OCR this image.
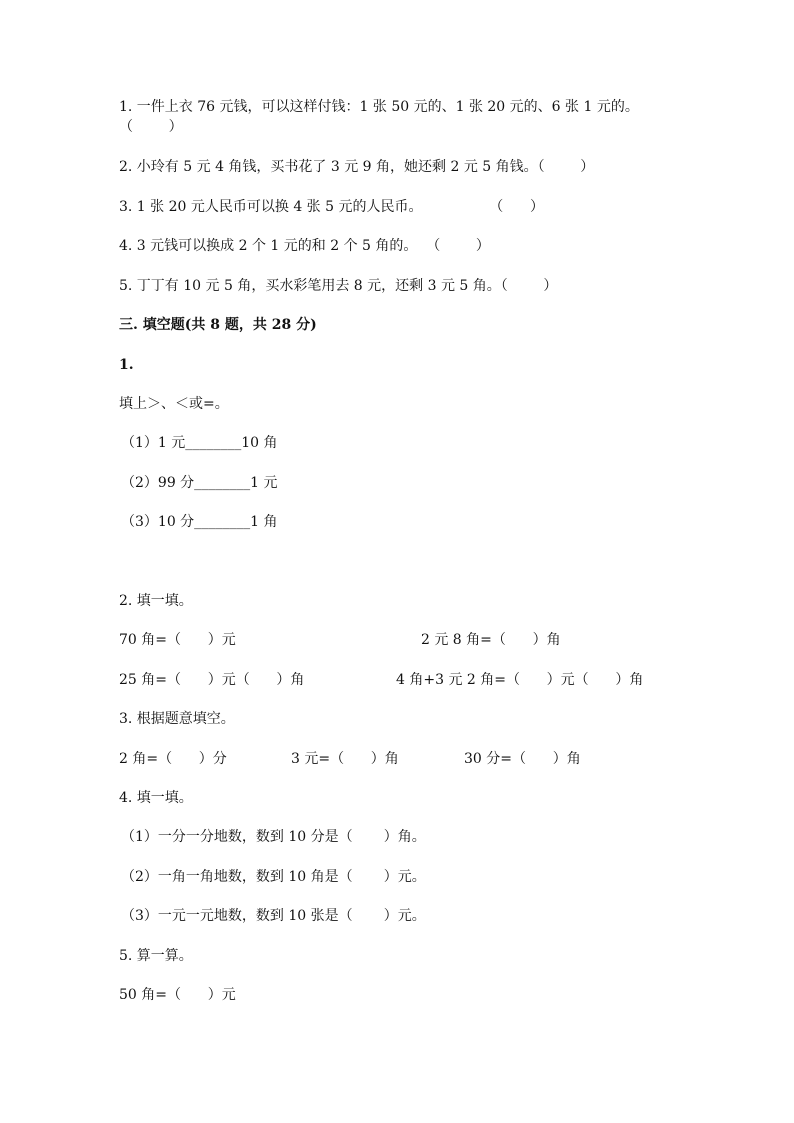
1. 一件上衣 76 元钱，可以这样付钱：1 张 50 元的、1 张 20 元的、6 张 1 元的。
（        ）
2. 小玲有 5 元 4 角钱，买书花了 3 元 9 角，她还剩 2 元 5 角钱。（        ）
3. 1 张 20 元人民币可以换 4 张 5 元的人民币。               （      ）
4. 3 元钱可以换成 2 个 1 元的和 2 个 5 角的。  （        ）
5. 丁丁有 10 元 5 角，买水彩笔用去 8 元，还剩 3 元 5 角。（        ）
三. 填空题(共 8 题，共 28 分)
1.
填上＞、＜或=。
（1）1 元________10 角
（2）99 分________1 元
（3）10 分________1 角
2. 填一填。
70 角=（      ）元	2 元 8 角=（      ）角
25 角=（      ）元（      ）角	4 角+3 元 2 角=（      ）元（      ）角
3. 根据题意填空。
2 角=（      ）分	3 元=（      ）角	30 分=（      ）角
4. 填一填。
（1）一分一分地数，数到 10 分是（       ）角。
（2）一角一角地数，数到 10 角是（       ）元。
（3）一元一元地数，数到 10 张是（       ）元。
5. 算一算。
50 角=（      ）元
